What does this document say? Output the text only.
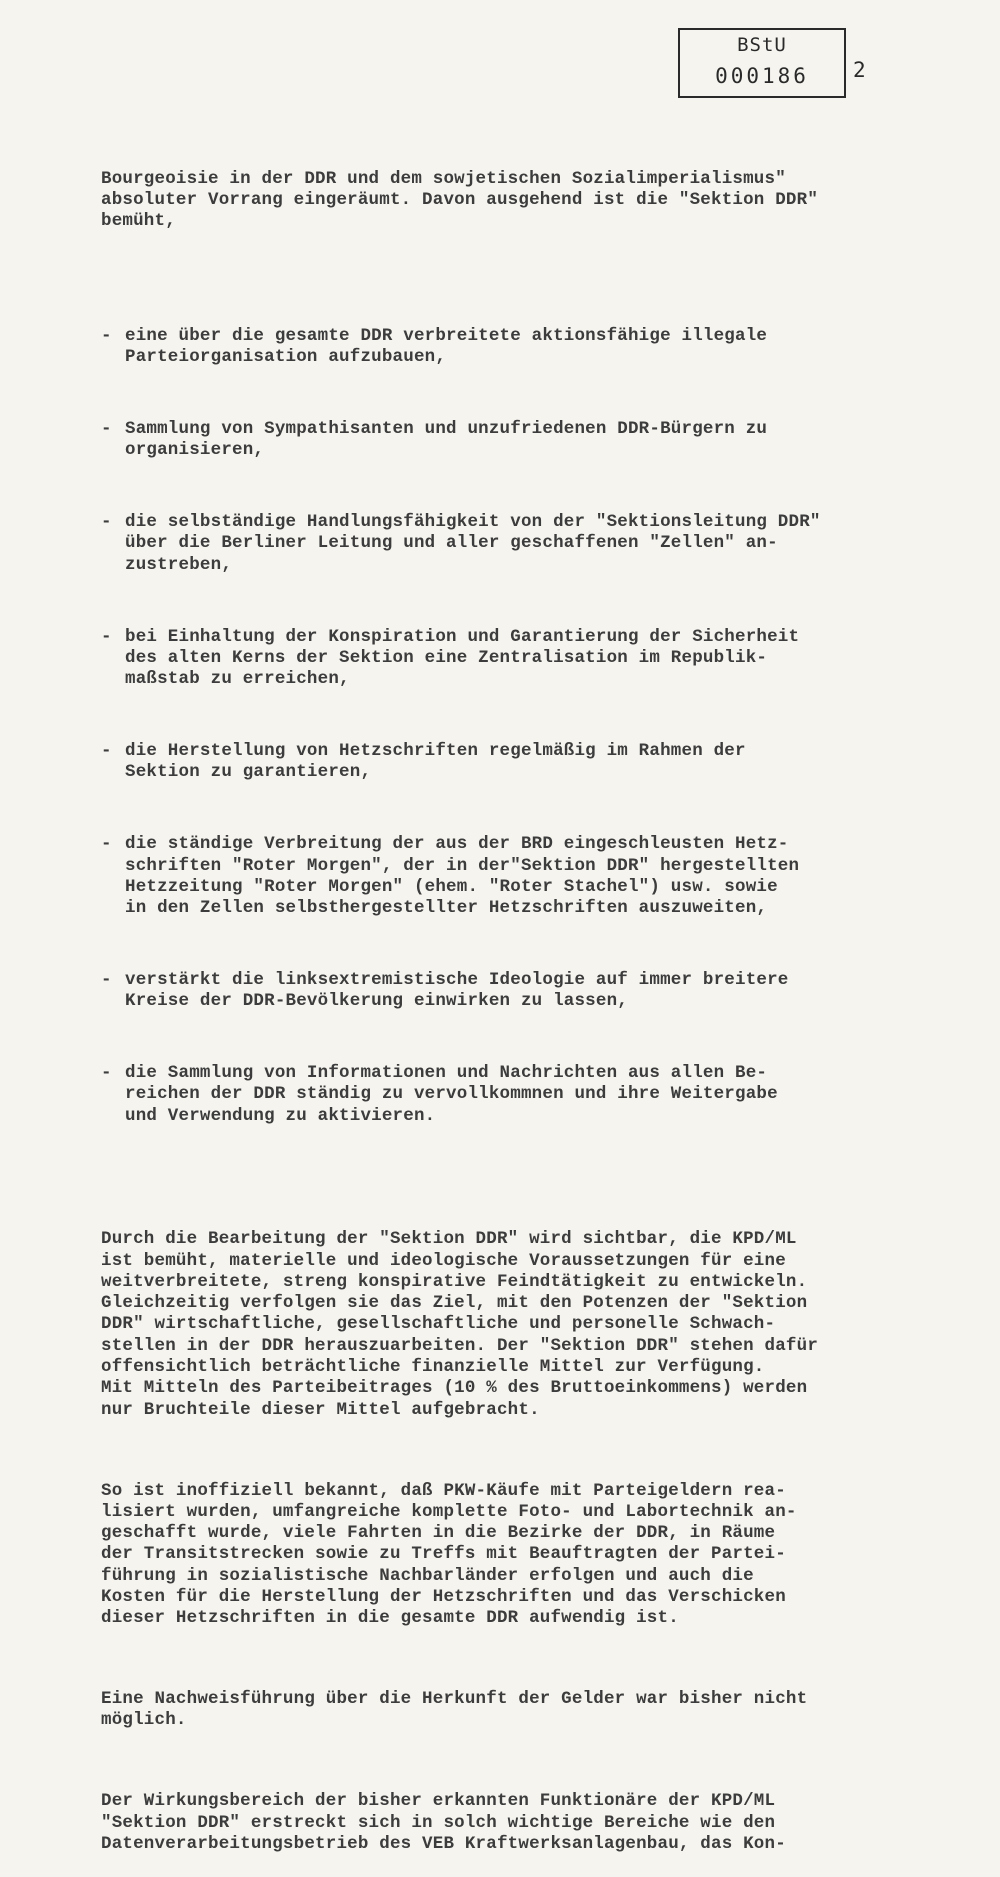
BStU
000186	2

Bourgeoisie in der DDR und dem sowjetischen Sozialimperialismus"
absoluter Vorrang eingeräumt. Davon ausgehend ist die "Sektion DDR"
bemüht,

- eine über die gesamte DDR verbreitete aktionsfähige illegale
Parteiorganisation aufzubauen,

- Sammlung von Sympathisanten und unzufriedenen DDR-Bürgern zu
organisieren,

- die selbständige Handlungsfähigkeit von der "Sektionsleitung DDR"
über die Berliner Leitung und aller geschaffenen "Zellen" an-
zustreben,

- bei Einhaltung der Konspiration und Garantierung der Sicherheit
des alten Kerns der Sektion eine Zentralisation im Republik-
maßstab zu erreichen,

- die Herstellung von Hetzschriften regelmäßig im Rahmen der
Sektion zu garantieren,

- die ständige Verbreitung der aus der BRD eingeschleusten Hetz-
schriften "Roter Morgen", der in der"Sektion DDR" hergestellten
Hetzzeitung "Roter Morgen" (ehem. "Roter Stachel") usw. sowie
in den Zellen selbsthergestellter Hetzschriften auszuweiten,

- verstärkt die linksextremistische Ideologie auf immer breitere
Kreise der DDR-Bevölkerung einwirken zu lassen,

- die Sammlung von Informationen und Nachrichten aus allen Be-
reichen der DDR ständig zu vervollkommnen und ihre Weitergabe
und Verwendung zu aktivieren.

Durch die Bearbeitung der "Sektion DDR" wird sichtbar, die KPD/ML
ist bemüht, materielle und ideologische Voraussetzungen für eine
weitverbreitete, streng konspirative Feindtätigkeit zu entwickeln.
Gleichzeitig verfolgen sie das Ziel, mit den Potenzen der "Sektion
DDR" wirtschaftliche, gesellschaftliche und personelle Schwach-
stellen in der DDR herauszuarbeiten. Der "Sektion DDR" stehen dafür
offensichtlich beträchtliche finanzielle Mittel zur Verfügung.
Mit Mitteln des Parteibeitrages (10 % des Bruttoeinkommens) werden
nur Bruchteile dieser Mittel aufgebracht.

So ist inoffiziell bekannt, daß PKW-Käufe mit Parteigeldern rea-
lisiert wurden, umfangreiche komplette Foto- und Labortechnik an-
geschafft wurde, viele Fahrten in die Bezirke der DDR, in Räume
der Transitstrecken sowie zu Treffs mit Beauftragten der Partei-
führung in sozialistische Nachbarländer erfolgen und auch die
Kosten für die Herstellung der Hetzschriften und das Verschicken
dieser Hetzschriften in die gesamte DDR aufwendig ist.

Eine Nachweisführung über die Herkunft der Gelder war bisher nicht
möglich.

Der Wirkungsbereich der bisher erkannten Funktionäre der KPD/ML
"Sektion DDR" erstreckt sich in solch wichtige Bereiche wie den
Datenverarbeitungsbetrieb des VEB Kraftwerksanlagenbau, das Kon-
